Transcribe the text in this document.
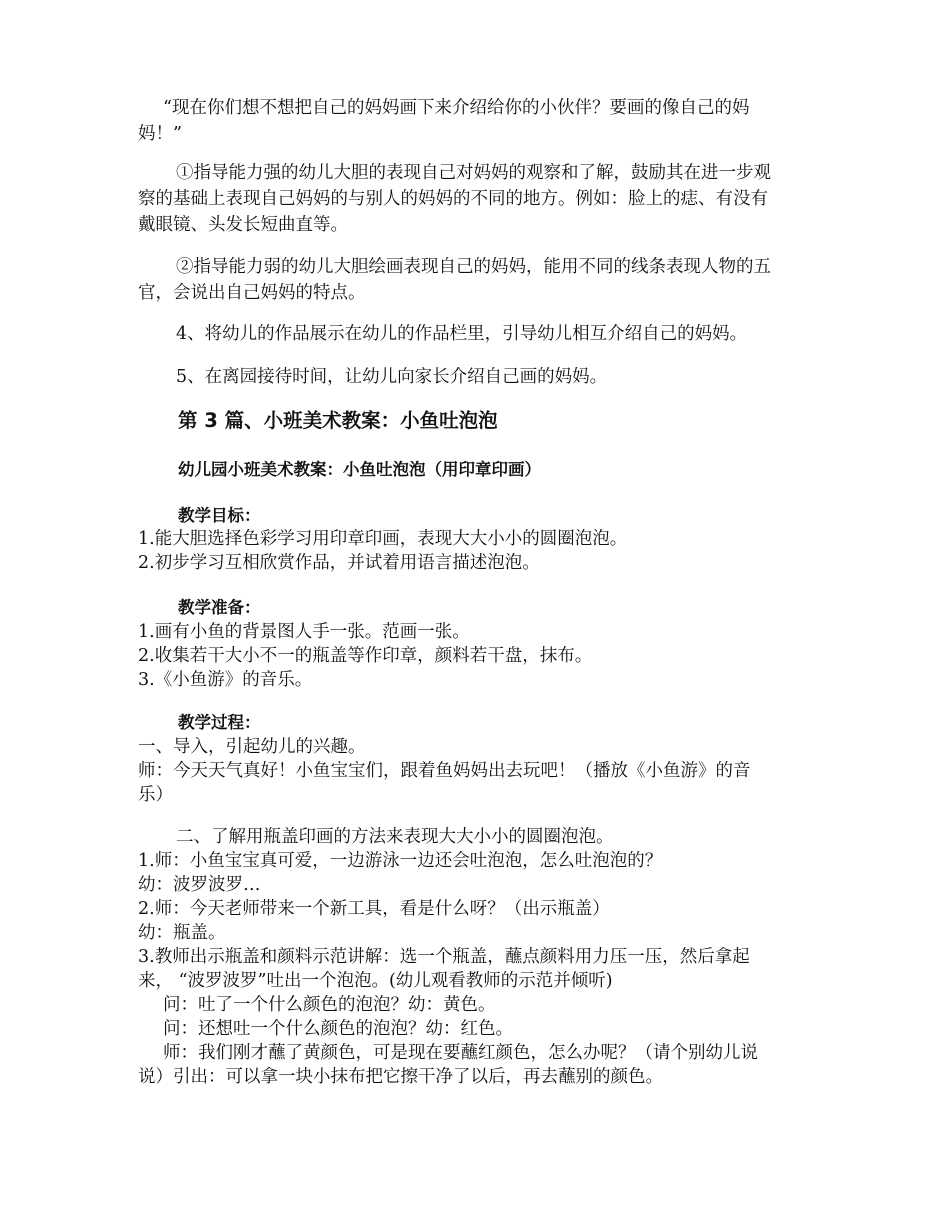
“现在你们想不想把自己的妈妈画下来介绍给你的小伙伴？要画的像自己的妈
妈！”
①指导能力强的幼儿大胆的表现自己对妈妈的观察和了解，鼓励其在进一步观
察的基础上表现自己妈妈的与别人的妈妈的不同的地方。例如：脸上的痣、有没有
戴眼镜、头发长短曲直等。
②指导能力弱的幼儿大胆绘画表现自己的妈妈，能用不同的线条表现人物的五
官，会说出自己妈妈的特点。
4、将幼儿的作品展示在幼儿的作品栏里，引导幼儿相互介绍自己的妈妈。
5、在离园接待时间，让幼儿向家长介绍自己画的妈妈。
第 3 篇、小班美术教案：小鱼吐泡泡
幼儿园小班美术教案：小鱼吐泡泡（用印章印画）
教学目标：
1.能大胆选择色彩学习用印章印画，表现大大小小的圆圈泡泡。
2.初步学习互相欣赏作品，并试着用语言描述泡泡。
教学准备：
1.画有小鱼的背景图人手一张。范画一张。
2.收集若干大小不一的瓶盖等作印章，颜料若干盘，抹布。
3.《小鱼游》的音乐。
教学过程：
一、导入，引起幼儿的兴趣。
师：今天天气真好！小鱼宝宝们，跟着鱼妈妈出去玩吧！（播放《小鱼游》的音
乐）
二、了解用瓶盖印画的方法来表现大大小小的圆圈泡泡。
1.师：小鱼宝宝真可爱，一边游泳一边还会吐泡泡，怎么吐泡泡的？
幼：波罗波罗…
2.师：今天老师带来一个新工具，看是什么呀？（出示瓶盖）
幼：瓶盖。
3.教师出示瓶盖和颜料示范讲解：选一个瓶盖，蘸点颜料用力压一压，然后拿起
来， “波罗波罗”吐出一个泡泡。(幼儿观看教师的示范并倾听)
问：吐了一个什么颜色的泡泡？幼：黄色。
问：还想吐一个什么颜色的泡泡？幼：红色。
师：我们刚才蘸了黄颜色，可是现在要蘸红颜色，怎么办呢？（请个别幼儿说
说）引出：可以拿一块小抹布把它擦干净了以后，再去蘸别的颜色。
